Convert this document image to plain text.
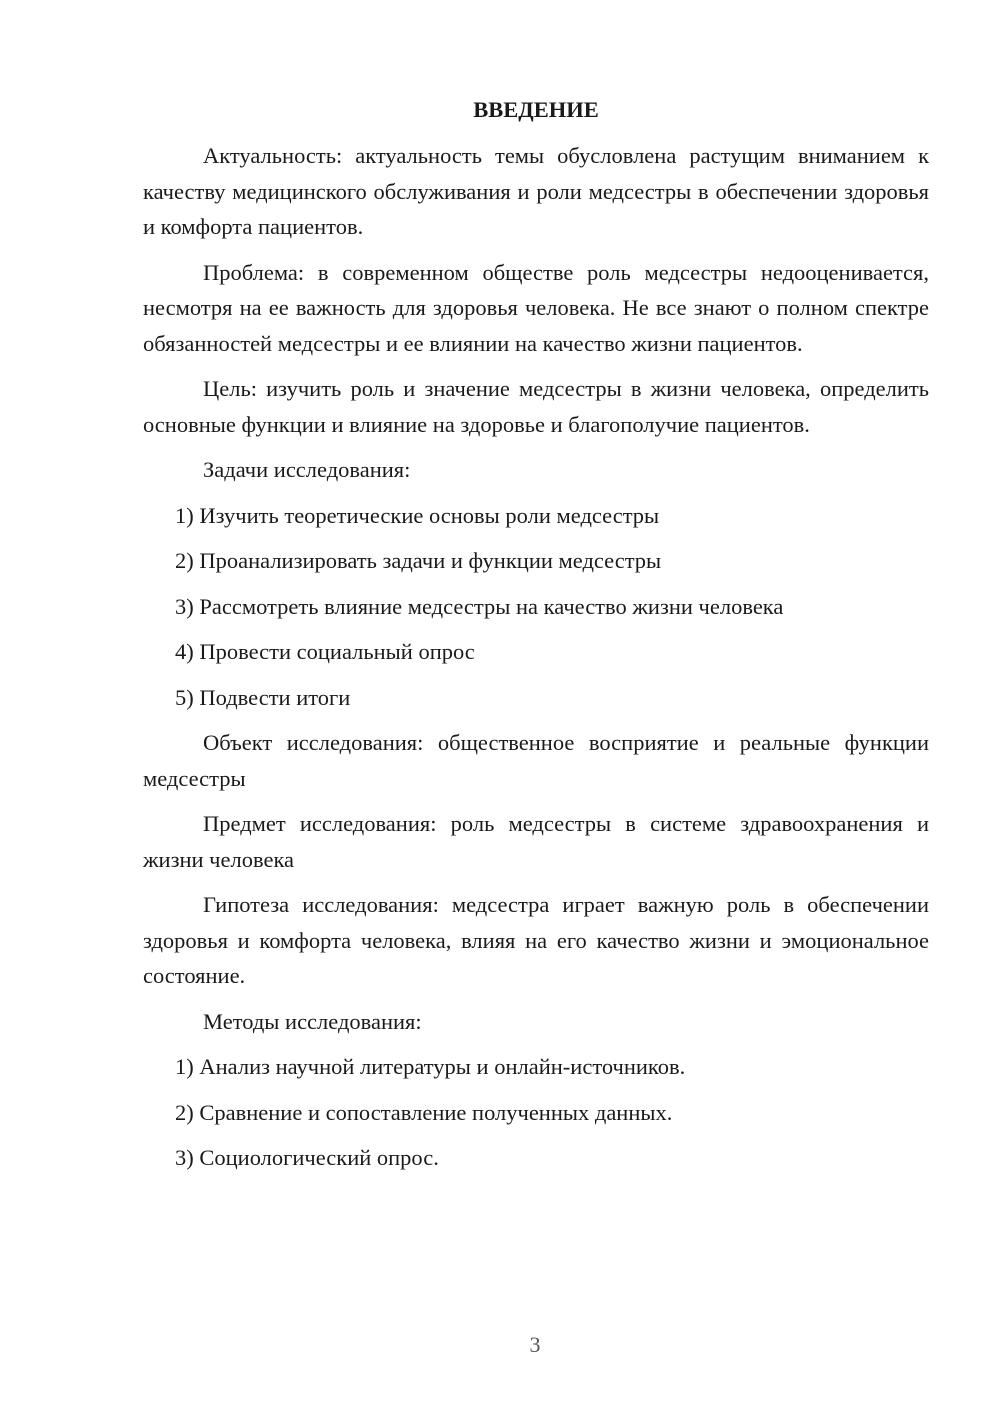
ВВЕДЕНИЕ
Актуальность: актуальность темы обусловлена растущим вниманием к качеству медицинского обслуживания и роли медсестры в обеспечении здоровья и комфорта пациентов.
Проблема: в современном обществе роль медсестры недооценивается, несмотря на ее важность для здоровья человека. Не все знают о полном спектре обязанностей медсестры и ее влиянии на качество жизни пациентов.
Цель: изучить роль и значение медсестры в жизни человека, определить основные функции и влияние на здоровье и благополучие пациентов.
Задачи исследования:
1) Изучить теоретические основы роли медсестры
2) Проанализировать задачи и функции медсестры
3) Рассмотреть влияние медсестры на качество жизни человека
4) Провести социальный опрос
5) Подвести итоги
Объект исследования: общественное восприятие и реальные функции медсестры
Предмет исследования: роль медсестры в системе здравоохранения и жизни человека
Гипотеза исследования: медсестра играет важную роль в обеспечении здоровья и комфорта человека, влияя на его качество жизни и эмоциональное состояние.
Методы исследования:
1) Анализ научной литературы и онлайн-источников.
2) Сравнение и сопоставление полученных данных.
3) Социологический опрос.
3
